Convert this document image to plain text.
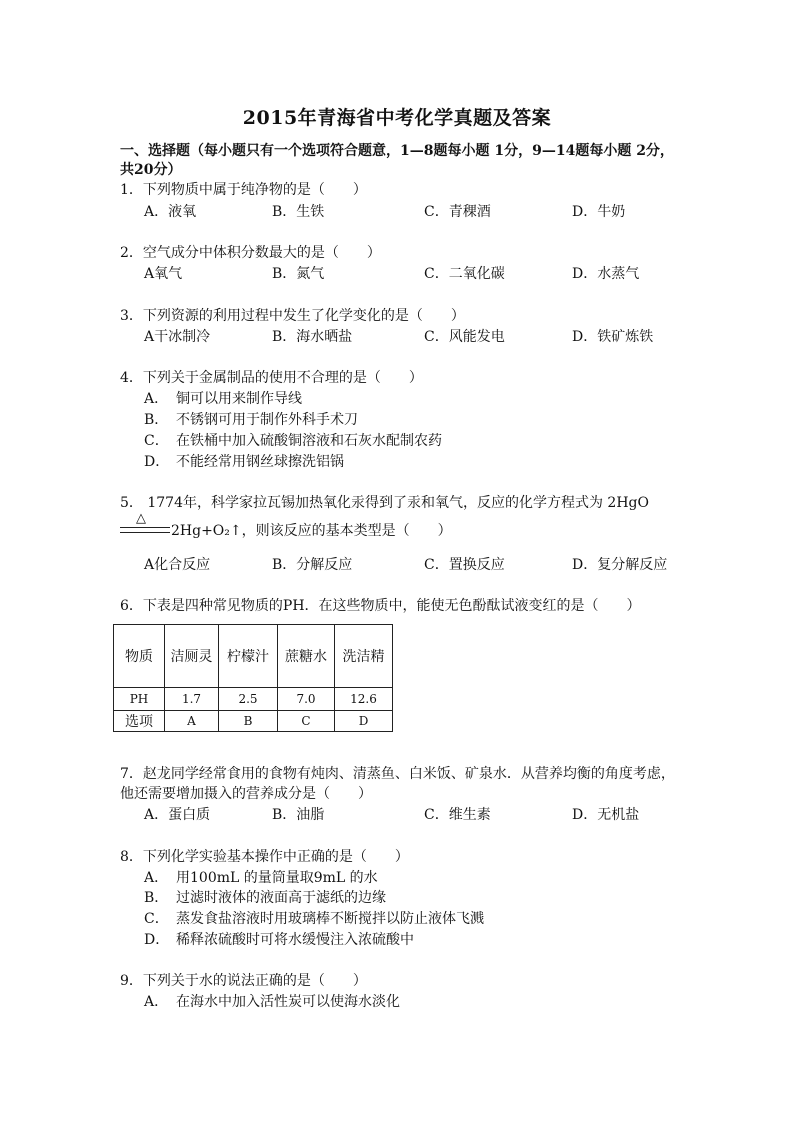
2015年青海省中考化学真题及答案
一、选择题（每小题只有一个选项符合题意，1—8题每小题 1分，9—14题每小题 2分，
共20分）
1．下列物质中属于纯净物的是（　　）
A．液氧	B．生铁	C．青稞酒	D．牛奶
2．空气成分中体积分数最大的是（　　）
A氧气	B．氮气	C．二氧化碳	D．水蒸气
3．下列资源的利用过程中发生了化学变化的是（　　）
A干冰制冷	B．海水晒盐	C．风能发电	D．铁矿炼铁
4．下列关于金属制品的使用不合理的是（　　）
A． 铜可以用来制作导线
B． 不锈钢可用于制作外科手术刀
C． 在铁桶中加入硫酸铜溶液和石灰水配制农药
D． 不能经常用钢丝球擦洗铝锅
5． 1774年，科学家拉瓦锡加热氧化汞得到了汞和氧气，反应的化学方程式为 2HgO
△
2Hg+O₂↑，则该反应的基本类型是（　　）
A化合反应	B．分解反应	C．置换反应	D．复分解反应
6．下表是四种常见物质的PH．在这些物质中，能使无色酚酞试液变红的是（　　）
物质	洁厕灵	柠檬汁	蔗糖水	洗洁精
PH	1.7	2.5	7.0	12.6
选项	A	B	C	D
7．赵龙同学经常食用的食物有炖肉、清蒸鱼、白米饭、矿泉水．从营养均衡的角度考虑，
他还需要增加摄入的营养成分是（　　）
A．蛋白质	B．油脂	C．维生素	D．无机盐
8．下列化学实验基本操作中正确的是（　　）
A． 用100mL 的量筒量取9mL 的水
B． 过滤时液体的液面高于滤纸的边缘
C． 蒸发食盐溶液时用玻璃棒不断搅拌以防止液体飞溅
D． 稀释浓硫酸时可将水缓慢注入浓硫酸中
9．下列关于水的说法正确的是（　　）
A． 在海水中加入活性炭可以使海水淡化
